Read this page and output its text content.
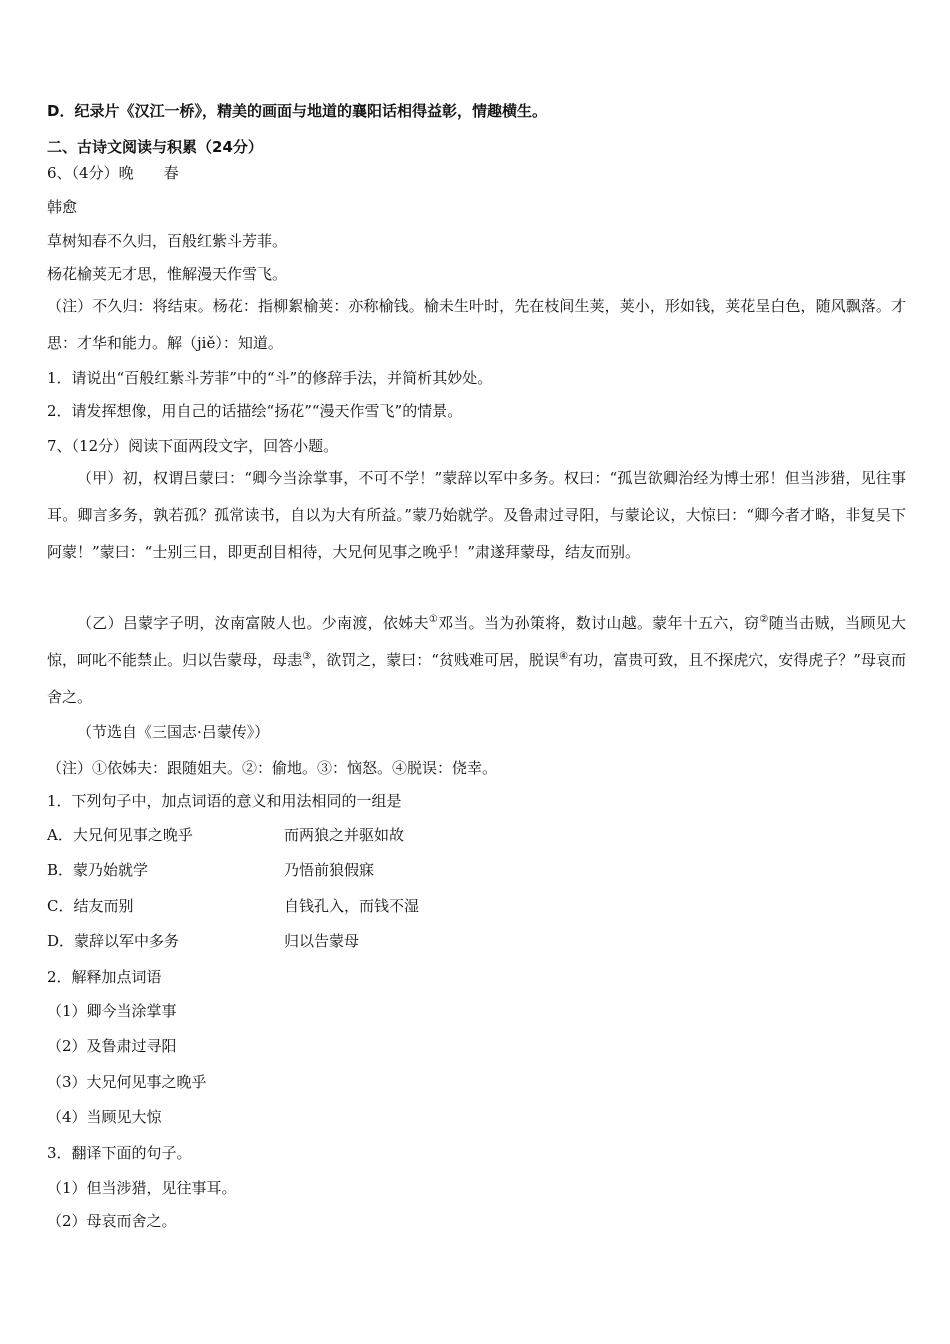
D．纪录片《汉江一桥》，精美的画面与地道的襄阳话相得益彰，情趣横生。
二、古诗文阅读与积累（24分）
6、（4分）晚　　春
韩愈
草树知春不久归，百般红紫斗芳菲。
杨花榆荚无才思，惟解漫天作雪飞。
（注）不久归：将结束。杨花：指柳絮榆荚：亦称榆钱。榆未生叶时，先在枝间生荚，荚小，形如钱，荚花呈白色，随风飘落。才思：才华和能力。解（jiě）：知道。
1．请说出“百般红紫斗芳菲”中的“斗”的修辞手法，并简析其妙处。
2．请发挥想像，用自己的话描绘“扬花”“漫天作雪飞”的情景。
7、（12分）阅读下面两段文字，回答小题。
（甲）初，权谓吕蒙曰：“卿今当涂掌事，不可不学！”蒙辞以军中多务。权曰：“孤岂欲卿治经为博士邪！但当涉猎，见往事耳。卿言多务，孰若孤？孤常读书，自以为大有所益。”蒙乃始就学。及鲁肃过寻阳，与蒙论议，大惊曰：“卿今者才略，非复吴下阿蒙！”蒙曰：“士别三日，即更刮目相待，大兄何见事之晚乎！”肃遂拜蒙母，结友而别。
（乙）吕蒙字子明，汝南富陂人也。少南渡，依姊夫①邓当。当为孙策将，数讨山越。蒙年十五六，窃②随当击贼，当顾见大惊，呵叱不能禁止。归以告蒙母，母恚③，欲罚之，蒙曰：“贫贱难可居，脱误④有功，富贵可致，且不探虎穴，安得虎子？”母哀而舍之。
（节选自《三国志·吕蒙传》）
（注）①依姊夫：跟随姐夫。②：偷地。③：恼怒。④脱误：侥幸。
1．下列句子中，加点词语的意义和用法相同的一组是
A．大兄何见事之晚乎	而两狼之并驱如故
B．蒙乃始就学	乃悟前狼假寐
C．结友而别	自钱孔入，而钱不湿
D．蒙辞以军中多务	归以告蒙母
2．解释加点词语
（1）卿今当涂掌事
（2）及鲁肃过寻阳
（3）大兄何见事之晚乎
（4）当顾见大惊
3．翻译下面的句子。
（1）但当涉猎，见往事耳。
（2）母哀而舍之。
